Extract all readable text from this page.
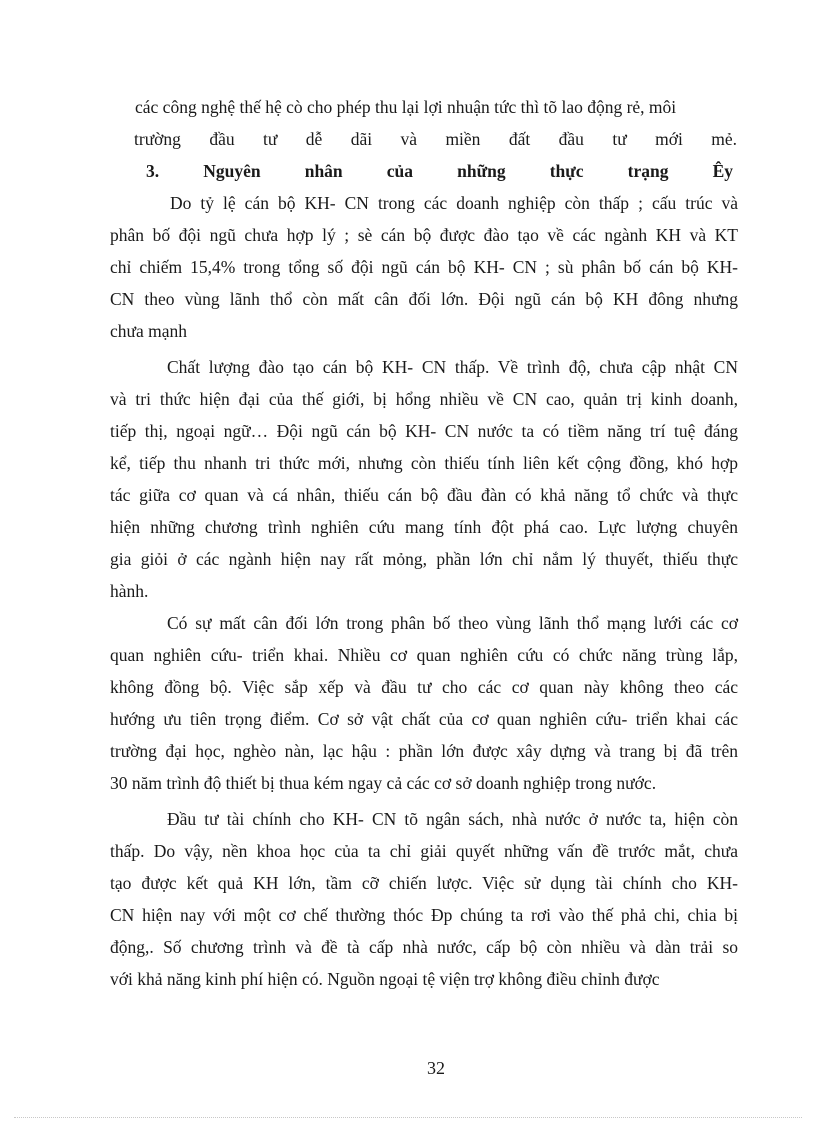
các công nghệ thế hệ cò cho phép thu lại lợi nhuận tức thì tõ lao động rẻ, môi
trường đầu tư dễ dãi và miền đất đầu tư mới mẻ.
3. Nguyên nhân của những thực trạng Êy
Do tỷ lệ cán bộ KH- CN trong các doanh nghiệp còn thấp ; cấu trúc và
phân bố đội ngũ chưa hợp lý ; sè cán bộ được đào tạo về các ngành KH và KT
chỉ chiếm 15,4% trong tổng số đội ngũ cán bộ KH- CN ; sù phân bố cán bộ KH-
CN theo vùng lãnh thổ còn mất cân đối lớn. Đội ngũ cán bộ KH đông nhưng
chưa mạnh
Chất lượng đào tạo cán bộ KH- CN thấp. Về trình độ, chưa cập nhật CN
và tri thức hiện đại của thế giới, bị hổng nhiều về CN cao, quản trị kinh doanh,
tiếp thị, ngoại ngữ… Đội ngũ cán bộ KH- CN nước ta có tiềm năng trí tuệ đáng
kể, tiếp thu nhanh tri thức mới, nhưng còn thiếu tính liên kết cộng đồng, khó hợp
tác giữa cơ quan và cá nhân, thiếu cán bộ đầu đàn có khả năng tổ chức và thực
hiện những chương trình nghiên cứu mang tính đột phá cao. Lực lượng chuyên
gia giỏi ở các ngành hiện nay rất mỏng, phần lớn chỉ nắm lý thuyết, thiếu thực
hành.
Có sự mất cân đối lớn trong phân bố theo vùng lãnh thổ mạng lưới các cơ
quan nghiên cứu- triển khai. Nhiều cơ quan nghiên cứu có chức năng trùng lắp,
không đồng bộ. Việc sắp xếp và đầu tư cho các cơ quan này không theo các
hướng ưu tiên trọng điểm. Cơ sở vật chất của cơ quan nghiên cứu- triển khai các
trường đại học, nghèo nàn, lạc hậu : phần lớn được xây dựng và trang bị đã trên
30 năm trình độ thiết bị thua kém ngay cả các cơ sở doanh nghiệp trong nước.
Đầu tư tài chính cho KH- CN tõ ngân sách, nhà nước ở nước ta, hiện còn
thấp. Do vậy, nền khoa học của ta chỉ giải quyết những vấn đề trước mắt, chưa
tạo được kết quả KH lớn, tầm cỡ chiến lược. Việc sử dụng tài chính cho KH-
CN hiện nay với một cơ chế thường thóc Ðp chúng ta rơi vào thế phả chi, chia bị
động,. Số chương trình và đề tà cấp nhà nước, cấp bộ còn nhiều và dàn trải so
với khả năng kinh phí hiện có. Nguồn ngoại tệ viện trợ không điều chỉnh được
32
